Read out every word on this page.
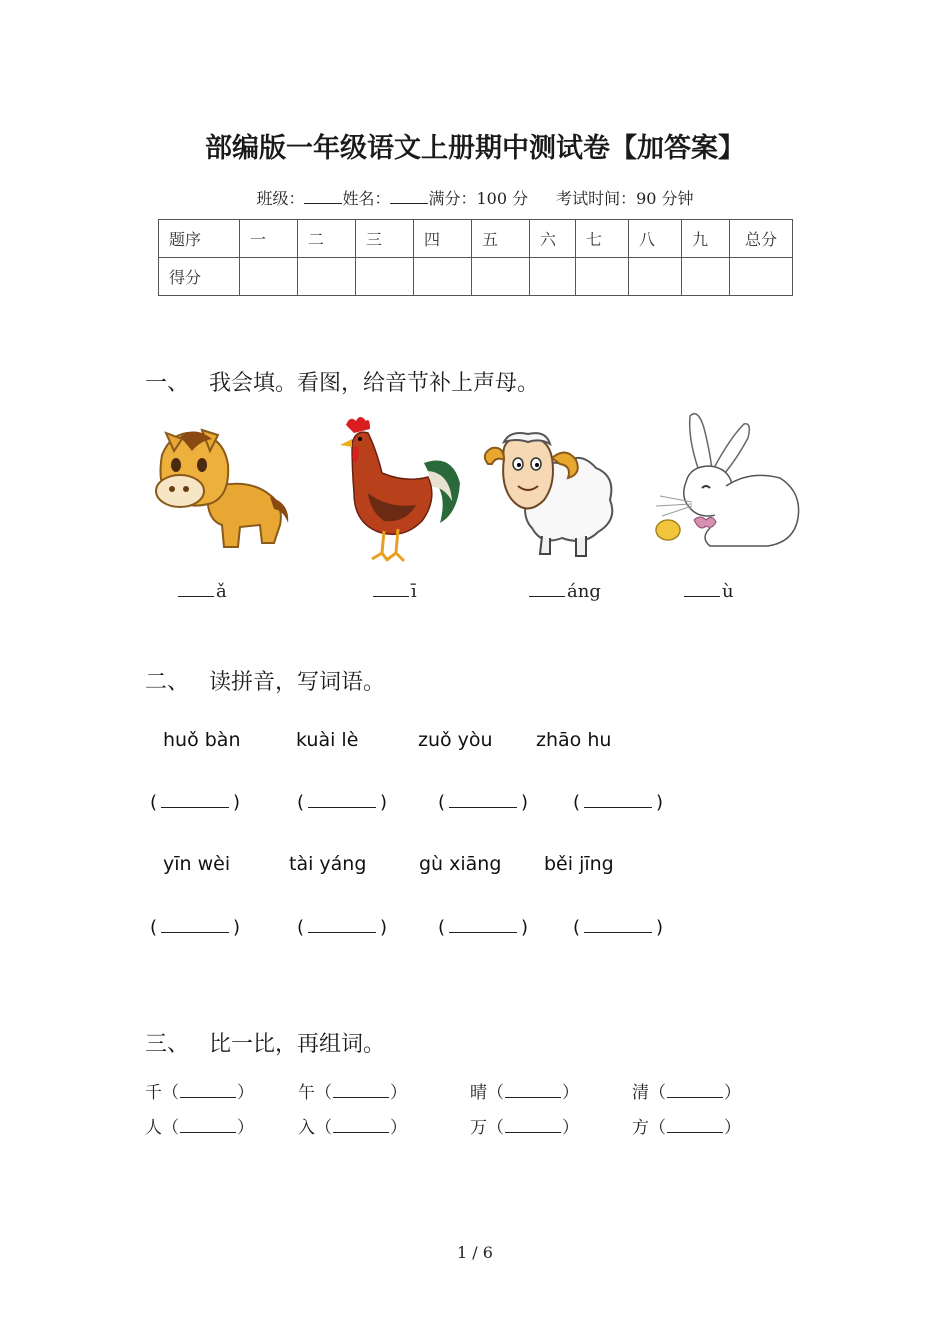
部编版一年级语文上册期中测试卷【加答案】
班级： 姓名： 满分：100 分 考试时间：90 分钟
题序	一	二	三	四	五	六	七	八	九	总分
得分										
一、 我会填。看图，给音节补上声母。
ǎ	ī	áng	ù
二、 读拼音，写词语。
huǒ bàn	kuài lè	zuǒ yòu zhāo hu
(	)	(	)	(	) (	)
yīn wèi	tài yáng	gù xiāng běi jīng
(	)	(	)	(	) (	)
三、 比一比，再组词。
千（	）	午（	）	晴（	）	清（	）
人（	）	入（	）	万（	）	方（	）
1 / 6
